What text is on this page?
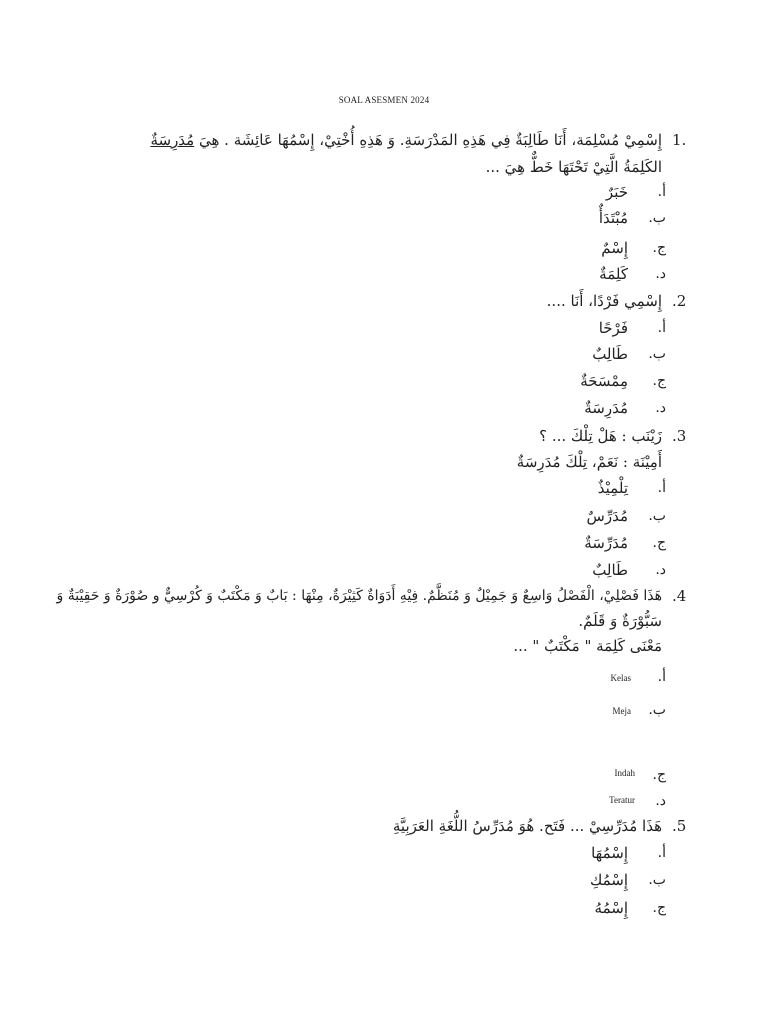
SOAL ASESMEN 2024
1.
إِسْمِيْ مُسْلِمَة، أَنَا طَالِبَةٌ فِي هَذِهِ المَدْرَسَةِ. وَ هَذِهِ أُخْتِيْ، إِسْمُهَا عَائِشَة . هِيَ مُدَرِسَةٌ
الكَلِمَةُ الَّتِيْ تَحْتَهَا خَطٌّ هِيَ ...
أ.
خَبَرٌ
ب.
مُبْتَدَأٌ
ج.
إِسْمٌ
د.
كَلِمَةٌ
.2
إِسْمِي فَرْدًا، أَنَا ....
أ.
فَرْحًا
ب.
طَالِبٌ
ج.
مِمْسَحَةٌ
د.
مُدَرِسَةٌ
.3
زَيْنَب : هَلْ تِلْكَ ... ؟
أَمِيْنَة : نَعَمْ، تِلْكَ مُدَرِسَةٌ
أ.
تِلْمِيْذٌ
ب.
مُدَرِّسٌ
ج.
مُدَرِّسَةٌ
د.
طَالِبٌ
.4
هَذَا فَصْلِيْ، الْفَصْلُ وَاسِعٌ وَ جَمِيْلٌ وَ مُنَظَّمٌ. فِيْهِ أَدَوَاةٌ كَثِيْرَةٌ، مِنْهَا : بَابٌ وَ مَكْتَبٌ وَ كُرْسِيٌّ و صُوْرَةٌ وَ حَقِيْبَةٌ وَ
سَبُّوْرَةٌ وَ قَلَمٌ.
مَعْنَى كَلِمَة " مَكْتَبٌ " ...
أ.
Kelas
ب.
Meja
ج.
Indah
د.
Teratur
.5
هَذَا مُدَرِّسِيْ ... فَتَح. هُوَ مُدَرِّسُ اللُّغَةِ العَرَبِيَّةِ
أ.
إِسْمُهَا
ب.
إِسْمُكِ
ج.
إِسْمُهُ
